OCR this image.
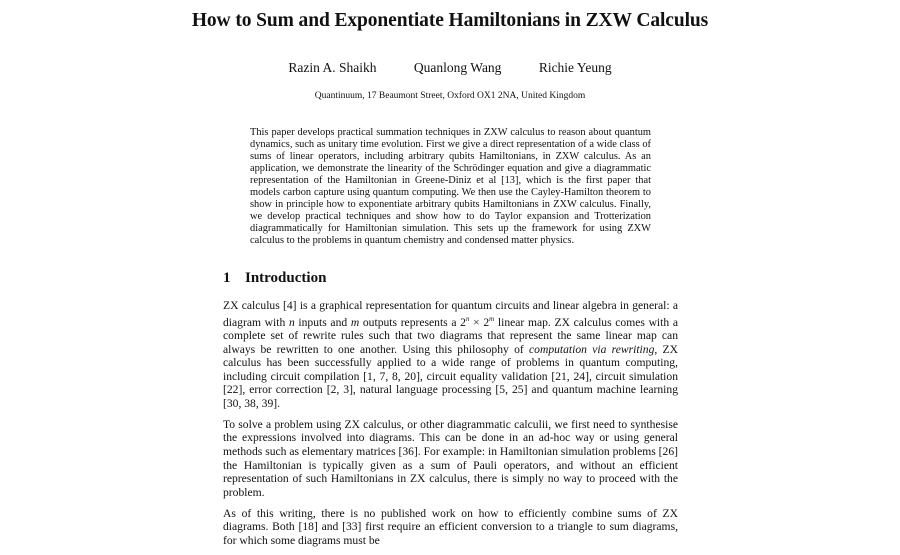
How to Sum and Exponentiate Hamiltonians in ZXW Calculus
Razin A. Shaikh	Quanlong Wang	Richie Yeung
Quantinuum, 17 Beaumont Street, Oxford OX1 2NA, United Kingdom
This paper develops practical summation techniques in ZXW calculus to reason about quantum dynamics, such as unitary time evolution. First we give a direct representation of a wide class of sums of linear operators, including arbitrary qubits Hamiltonians, in ZXW calculus. As an application, we demonstrate the linearity of the Schrödinger equation and give a diagrammatic representation of the Hamiltonian in Greene-Diniz et al [13], which is the first paper that models carbon capture using quantum computing. We then use the Cayley-Hamilton theorem to show in principle how to exponentiate arbitrary qubits Hamiltonians in ZXW calculus. Finally, we develop practical techniques and show how to do Taylor expansion and Trotterization diagrammatically for Hamiltonian simulation. This sets up the framework for using ZXW calculus to the problems in quantum chemistry and condensed matter physics.
1 Introduction

ZX calculus [4] is a graphical representation for quantum circuits and linear algebra in general: a diagram with n inputs and m outputs represents a $2^n \times 2^m$ linear map. ZX calculus comes with a complete set of rewrite rules such that two diagrams that represent the same linear map can always be rewritten to one another. Using this philosophy of computation via rewriting, ZX calculus has been successfully applied to a wide range of problems in quantum computing, including circuit compilation [1, 7, 8, 20], circuit equality validation [21, 24], circuit simulation [22], error correction [2, 3], natural language processing [5, 25] and quantum machine learning [30, 38, 39].

To solve a problem using ZX calculus, or other diagrammatic calculii, we first need to synthesise the expressions involved into diagrams. This can be done in an ad-hoc way or using general methods such as elementary matrices [36]. For example: in Hamiltonian simulation problems [26] the Hamiltonian is typically given as a sum of Pauli operators, and without an efficient representation of such Hamiltonians in ZX calculus, there is simply no way to proceed with the problem.

As of this writing, there is no published work on how to efficiently combine sums of ZX diagrams. Both [18] and [33] first require an efficient conversion to a triangle to sum diagrams, for which some diagrams must be
